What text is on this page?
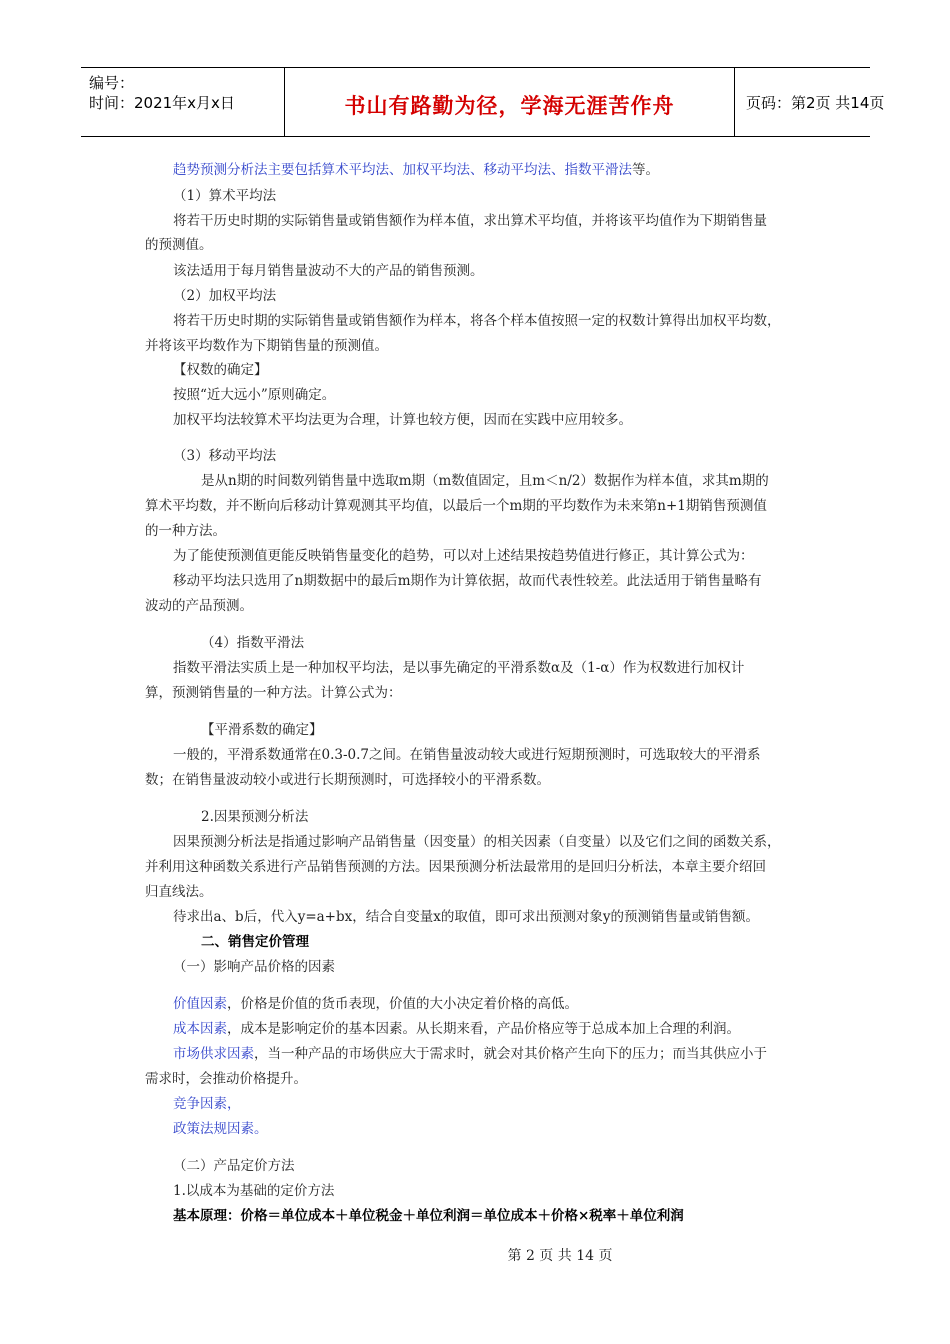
编号：
时间：2021年x月x日	书山有路勤为径，学海无涯苦作舟	页码：第2页 共14页
趋势预测分析法主要包括算术平均法、加权平均法、移动平均法、指数平滑法等。
（1）算术平均法
将若干历史时期的实际销售量或销售额作为样本值，求出算术平均值，并将该平均值作为下期销售量
的预测值。
该法适用于每月销售量波动不大的产品的销售预测。
（2）加权平均法
将若干历史时期的实际销售量或销售额作为样本，将各个样本值按照一定的权数计算得出加权平均数，
并将该平均数作为下期销售量的预测值。
【权数的确定】
按照“近大远小”原则确定。
加权平均法较算术平均法更为合理，计算也较方便，因而在实践中应用较多。
（3）移动平均法
是从n期的时间数列销售量中选取m期（m数值固定，且m＜n/2）数据作为样本值，求其m期的
算术平均数，并不断向后移动计算观测其平均值，以最后一个m期的平均数作为未来第n+1期销售预测值
的一种方法。
为了能使预测值更能反映销售量变化的趋势，可以对上述结果按趋势值进行修正，其计算公式为：
移动平均法只选用了n期数据中的最后m期作为计算依据，故而代表性较差。此法适用于销售量略有
波动的产品预测。
（4）指数平滑法
指数平滑法实质上是一种加权平均法，是以事先确定的平滑系数α及（1-α）作为权数进行加权计
算，预测销售量的一种方法。计算公式为：
【平滑系数的确定】
一般的，平滑系数通常在0.3-0.7之间。在销售量波动较大或进行短期预测时，可选取较大的平滑系
数；在销售量波动较小或进行长期预测时，可选择较小的平滑系数。
2.因果预测分析法
因果预测分析法是指通过影响产品销售量（因变量）的相关因素（自变量）以及它们之间的函数关系，
并利用这种函数关系进行产品销售预测的方法。因果预测分析法最常用的是回归分析法，本章主要介绍回
归直线法。
待求出a、b后，代入y=a+bx，结合自变量x的取值，即可求出预测对象y的预测销售量或销售额。
二、销售定价管理
（一）影响产品价格的因素
价值因素，价格是价值的货币表现，价值的大小决定着价格的高低。
成本因素，成本是影响定价的基本因素。从长期来看，产品价格应等于总成本加上合理的利润。
市场供求因素，当一种产品的市场供应大于需求时，就会对其价格产生向下的压力；而当其供应小于
需求时，会推动价格提升。
竞争因素，
政策法规因素。
（二）产品定价方法
1.以成本为基础的定价方法
基本原理：价格＝单位成本＋单位税金＋单位利润＝单位成本＋价格×税率＋单位利润
第 2 页 共 14 页
